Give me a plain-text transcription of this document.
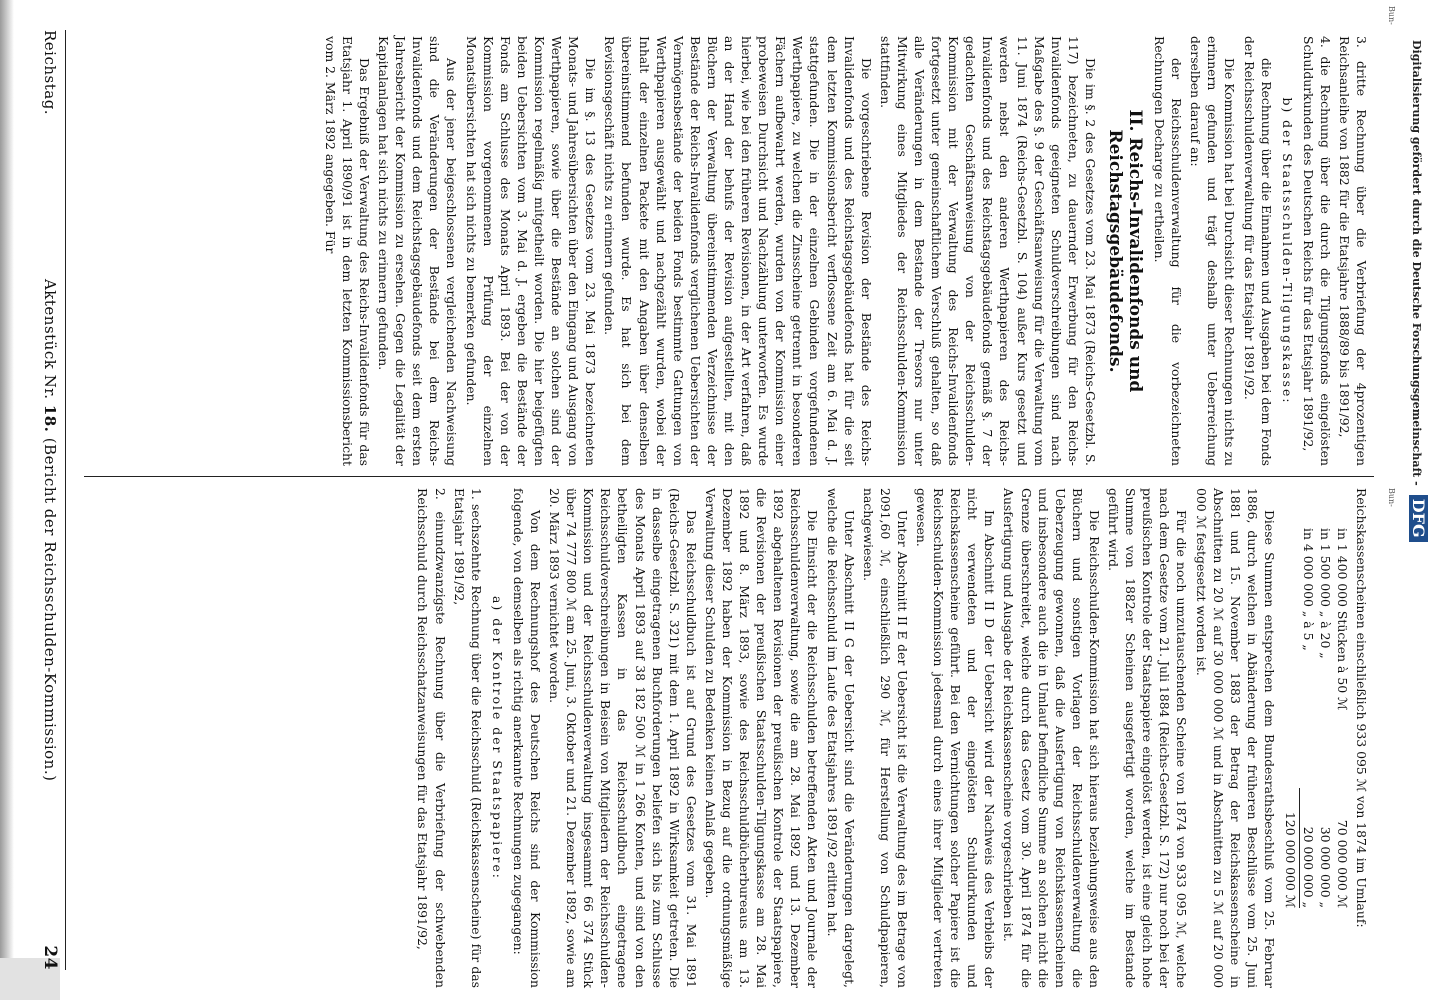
Reichstag.
Aktenstück Nr. 18. (Bericht der Reichsschulden-Kommission.)
24

Reichskassenscheinen einschließlich 933 095 ℳ von 1874 im Umlauf:

in 1 400 000 Stücken à 50 ℳ
70 000 000 ℳ
in 1 500 000 „ à 20 „
30 000 000 „
in 4 000 000 „ à 5 „
20 000 000 „
120 000 000 ℳ

Diese Summen entsprechen dem Bundesrathsbeschluß vom 25. Februar 1886, durch welchen in Abänderung der früheren Beschlüsse vom 25. Juni 1881 und 15. November 1883 der Betrag der Reichskassenscheine in Abschnitten zu 20 ℳ auf 30 000 000 ℳ und in Abschnitten zu 5 ℳ auf 20 000 000 ℳ festgesetzt worden ist.

Für die noch umzutauschenden Scheine von 1874 von 933 095 ℳ, welche nach dem Gesetze vom 21. Juli 1884 (Reichs-Gesetzbl. S. 172) nur noch bei der preußischen Kontrole der Staatspapiere eingelöst werden, ist eine gleich hohe Summe von 1882er Scheinen ausgefertigt worden, welche im Bestande geführt wird.

Die Reichsschulden-Kommission hat sich hieraus beziehungsweise aus den Büchern und sonstigen Vorlagen der Reichsschuldenverwaltung die Ueberzeugung gewonnen, daß die Ausfertigung von Reichskassenscheinen und insbesondere auch die in Umlauf befindliche Summe an solchen nicht die Grenze überschreitet, welche durch das Gesetz vom 30. April 1874 für die Ausfertigung und Ausgabe der Reichskassenscheine vorgeschrieben ist.

Im Abschnitt II D der Uebersicht wird der Nachweis des Verbleibs der nicht verwendeten und der eingelösten Schuldurkunden und Reichskassenscheine geführt. Bei den Vernichtungen solcher Papiere ist die Reichsschulden-Kommission jedesmal durch eines ihrer Mitglieder vertreten gewesen.

Unter Abschnitt II E der Uebersicht ist die Verwaltung des im Betrage von 2091,60 ℳ, einschließlich 290 ℳ, für Herstellung von Schuldpapieren, nachgewiesen.

Unter Abschnitt II G der Uebersicht sind die Veränderungen dargelegt, welche die Reichsschuld im Laufe des Etatsjahres 1891/92 erlitten hat.

Die Einsicht der die Reichsschulden betreffenden Akten und Journale der Reichsschuldenverwaltung, sowie die am 28. Mai 1892 und 13. Dezember 1892 abgehaltenen Revisionen der preußischen Kontrole der Staatspapiere, die Revisionen der preußischen Staatsschulden-Tilgungskasse am 28. Mai 1892 und 8. März 1893, sowie des Reichsschuldbücherbureaus am 13. Dezember 1892 haben der Kommission in Bezug auf die ordnungsmäßige Verwaltung dieser Schulden zu Bedenken keinen Anlaß gegeben.

Das Reichsschuldbuch ist auf Grund des Gesetzes vom 31. Mai 1891 (Reichs-Gesetzbl. S. 321) mit dem 1. April 1892 in Wirksamkeit getreten. Die in dasselbe eingetragenen Buchforderungen beliefen sich bis zum Schlusse des Monats April 1893 auf 38 182 500 ℳ in 1 266 Konten, und sind von den betheiligten Kassen in das Reichsschuldbuch eingetragene Reichsschuldverschreibungen in Beisein von Mitgliedern der Reichsschulden-Kommission und der Reichsschuldenverwaltung insgesammt 66 374 Stück über 74 777 800 ℳ am 25. Juni, 3. Oktober und 21. Dezember 1892, sowie am 20. März 1893 vernichtet worden.

Von dem Rechnungshof des Deutschen Reichs sind der Kommission folgende, von demselben als richtig anerkannte Rechnungen zugegangen:

a) der Kontrole der Staatspapiere:

1. sechszehnte Rechnung über die Reichsschuld (Reichskassenscheine) für das Etatsjahr 1891/92,

2. einundzwanzigste Rechnung über die Verbriefung der schwebenden Reichsschuld durch Reichsschatzanweisungen für das Etatsjahr 1891/92,

3. dritte Rechnung über die Verbriefung der 4prozentigen Reichsanleihe von 1882 für die Etatsjahre 1888/89 bis 1891/92,

4. die Rechnung über die durch die Tilgungsfonds eingelösten Schuldurkunden des Deutschen Reichs für das Etatsjahr 1891/92,

b) der Staatsschulden-Tilgungskasse:

die Rechnung über die Einnahmen und Ausgaben bei dem Fonds der Reichsschuldenverwaltung für das Etatsjahr 1891/92.

Die Kommission hat bei Durchsicht dieser Rechnungen nichts zu erinnern gefunden und trägt deshalb unter Ueberreichung derselben darauf an:

der Reichsschuldenverwaltung für die vorbezeichneten Rechnungen Decharge zu ertheilen.

II. Reichs-Invalidenfonds und Reichstagsgebäudefonds.

Die im §. 2 des Gesetzes vom 23. Mai 1873 (Reichs-Gesetzbl. S. 117) bezeichneten, zu dauernder Erwerbung für den Reichs-Invalidenfonds geeigneten Schuldverschreibungen sind nach Maßgabe des §. 9 der Geschäftsanweisung für die Verwaltung vom 11. Juni 1874 (Reichs-Gesetzbl. S. 104) außer Kurs gesetzt und werden nebst den anderen Werthpapieren des Reichs-Invalidenfonds und des Reichstagsgebäudefonds gemäß §. 7 der gedachten Geschäftsanweisung von der Reichsschulden-Kommission mit der Verwaltung des Reichs-Invalidenfonds fortgesetzt unter gemeinschaftlichem Verschluß gehalten, so daß alle Veränderungen in dem Bestande der Tresors nur unter Mitwirkung eines Mitgliedes der Reichsschulden-Kommission stattfinden.

Die vorgeschriebene Revision der Bestände des Reichs-Invalidenfonds und des Reichstagsgebäudefonds hat für die seit dem letzten Kommissionsbericht verflossene Zeit am 6. Mai d. J. stattgefunden. Die in der einzelnen Gebinden vorgefundenen Werthpapiere, zu welchen die Zinsscheine getrennt in besonderen Fächern aufbewahrt werden, wurden von der Kommission einer probeweisen Durchsicht und Nachzählung unterworfen. Es wurde hierbei, wie bei den früheren Revisionen, in der Art verfahren, daß an der Hand der behufs der Revision aufgestellten, mit den Büchern der Verwaltung übereinstimmenden Verzeichnisse der Bestände der Reichs-Invalidenfonds verglichenen Uebersichten der Vermögensbestände der beiden Fonds bestimmte Gattungen von Werthpapieren ausgewählt und nachgezählt wurden, wobei der Inhalt der einzelnen Packete mit den Angaben über denselben übereinstimmend befunden wurde. Es hat sich bei dem Revisionsgeschäft nichts zu erinnern gefunden.

Die im §. 13 des Gesetzes vom 23. Mai 1873 bezeichneten Monats- und Jahresübersichten über den Eingang und Ausgang von Werthpapieren, sowie über die Bestände an solchen sind der Kommission regelmäßig mitgetheilt worden. Die hier beigefügten beiden Uebersichten vom 3. Mai d. J. ergeben die Bestände der Fonds am Schlusse des Monats April 1893. Bei der von der Kommission vorgenommenen Prüfung der einzelnen Monatsübersichten hat sich nichts zu bemerken gefunden.

Aus der jener beigeschlossenen vergleichenden Nachweisung sind die Veränderungen der Bestände bei dem Reichs-Invalidenfonds und dem Reichstagsgebäudefonds seit dem ersten Jahresbericht der Kommission zu ersehen. Gegen die Legalität der Kapitalanlagen hat sich nichts zu erinnern gefunden.

Das Ergebniß der Verwaltung des Reichs-Invalidenfonds für das Etatsjahr 1. April 1890/91 ist in dem letzten Kommissionsbericht vom 2. März 1892 angegeben. Für	Digitalisierung gefördert durch die Deutsche Forschungsgemeinschaft - DFG
Bun-
Bun-
